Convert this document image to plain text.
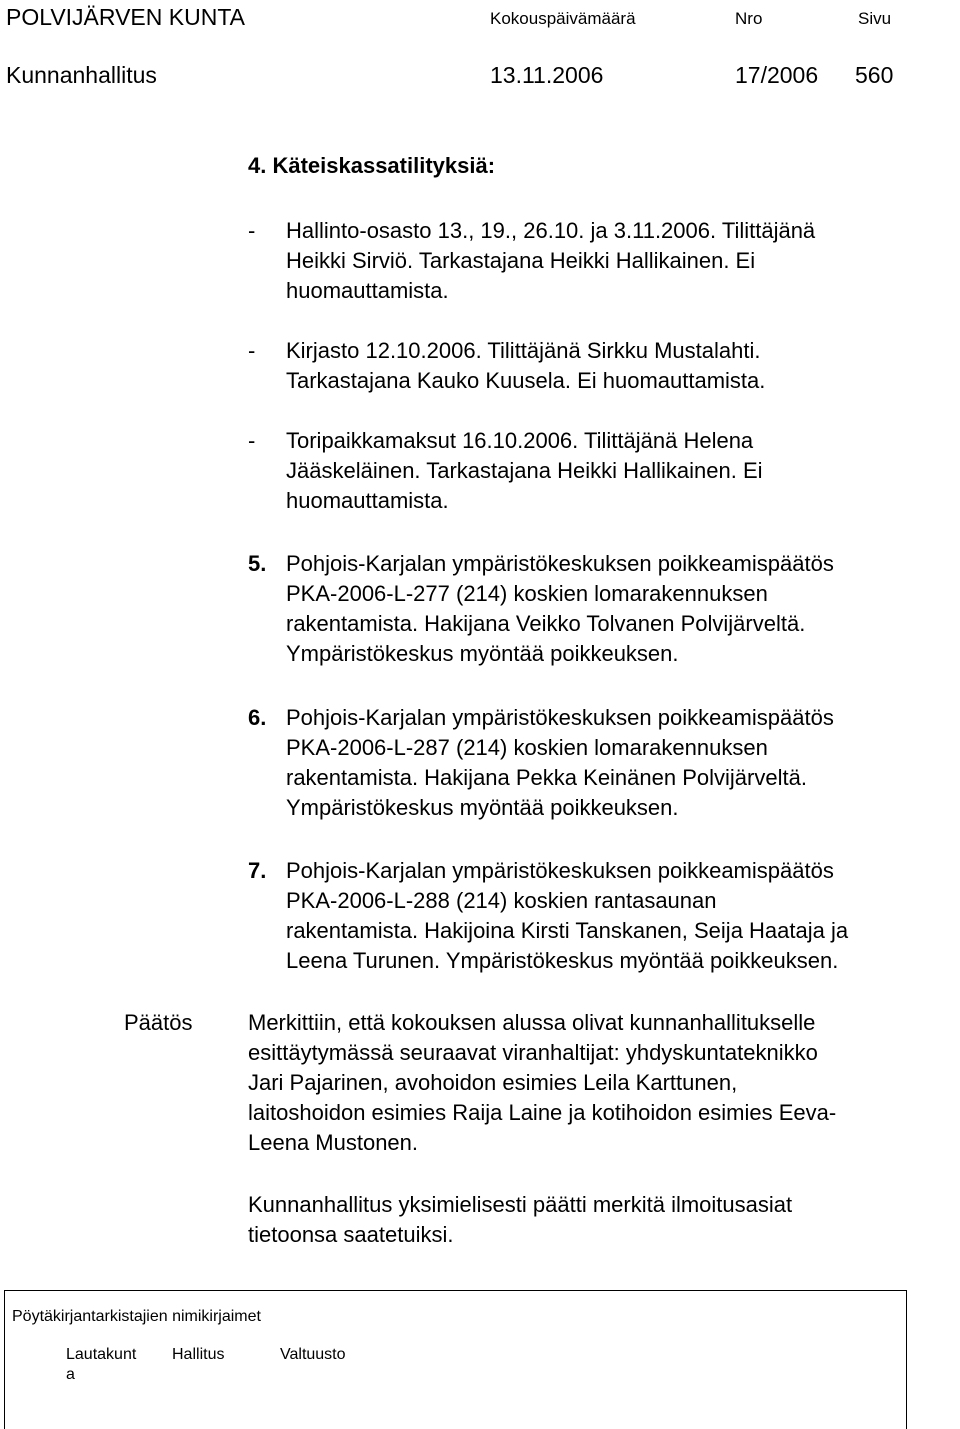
POLVIJÄRVEN KUNTA	Kokouspäivämäärä	Nro	Sivu
Kunnanhallitus	13.11.2006	17/2006 560
4. Käteiskassatilityksiä:
- Hallinto-osasto 13., 19., 26.10. ja 3.11.2006. Tilittäjänä
Heikki Sirviö. Tarkastajana Heikki Hallikainen. Ei
huomauttamista.
- Kirjasto 12.10.2006. Tilittäjänä Sirkku Mustalahti.
Tarkastajana Kauko Kuusela. Ei huomauttamista.
- Toripaikkamaksut 16.10.2006. Tilittäjänä Helena
Jääskeläinen. Tarkastajana Heikki Hallikainen. Ei
huomauttamista.
5. Pohjois-Karjalan ympäristökeskuksen poikkeamispäätös
PKA-2006-L-277 (214) koskien lomarakennuksen
rakentamista. Hakijana Veikko Tolvanen Polvijärveltä.
Ympäristökeskus myöntää poikkeuksen.
6. Pohjois-Karjalan ympäristökeskuksen poikkeamispäätös
PKA-2006-L-287 (214) koskien lomarakennuksen
rakentamista. Hakijana Pekka Keinänen Polvijärveltä.
Ympäristökeskus myöntää poikkeuksen.
7. Pohjois-Karjalan ympäristökeskuksen poikkeamispäätös
PKA-2006-L-288 (214) koskien rantasaunan
rakentamista. Hakijoina Kirsti Tanskanen, Seija Haataja ja
Leena Turunen. Ympäristökeskus myöntää poikkeuksen.
Päätös	Merkittiin, että kokouksen alussa olivat kunnanhallitukselle
esittäytymässä seuraavat viranhaltijat: yhdyskuntateknikko
Jari Pajarinen, avohoidon esimies Leila Karttunen,
laitoshoidon esimies Raija Laine ja kotihoidon esimies Eeva-
Leena Mustonen.
Kunnanhallitus yksimielisesti päätti merkitä ilmoitusasiat
tietoonsa saatetuiksi.
Pöytäkirjantarkistajien nimikirjaimet
Lautakunt
a
Hallitus	Valtuusto
